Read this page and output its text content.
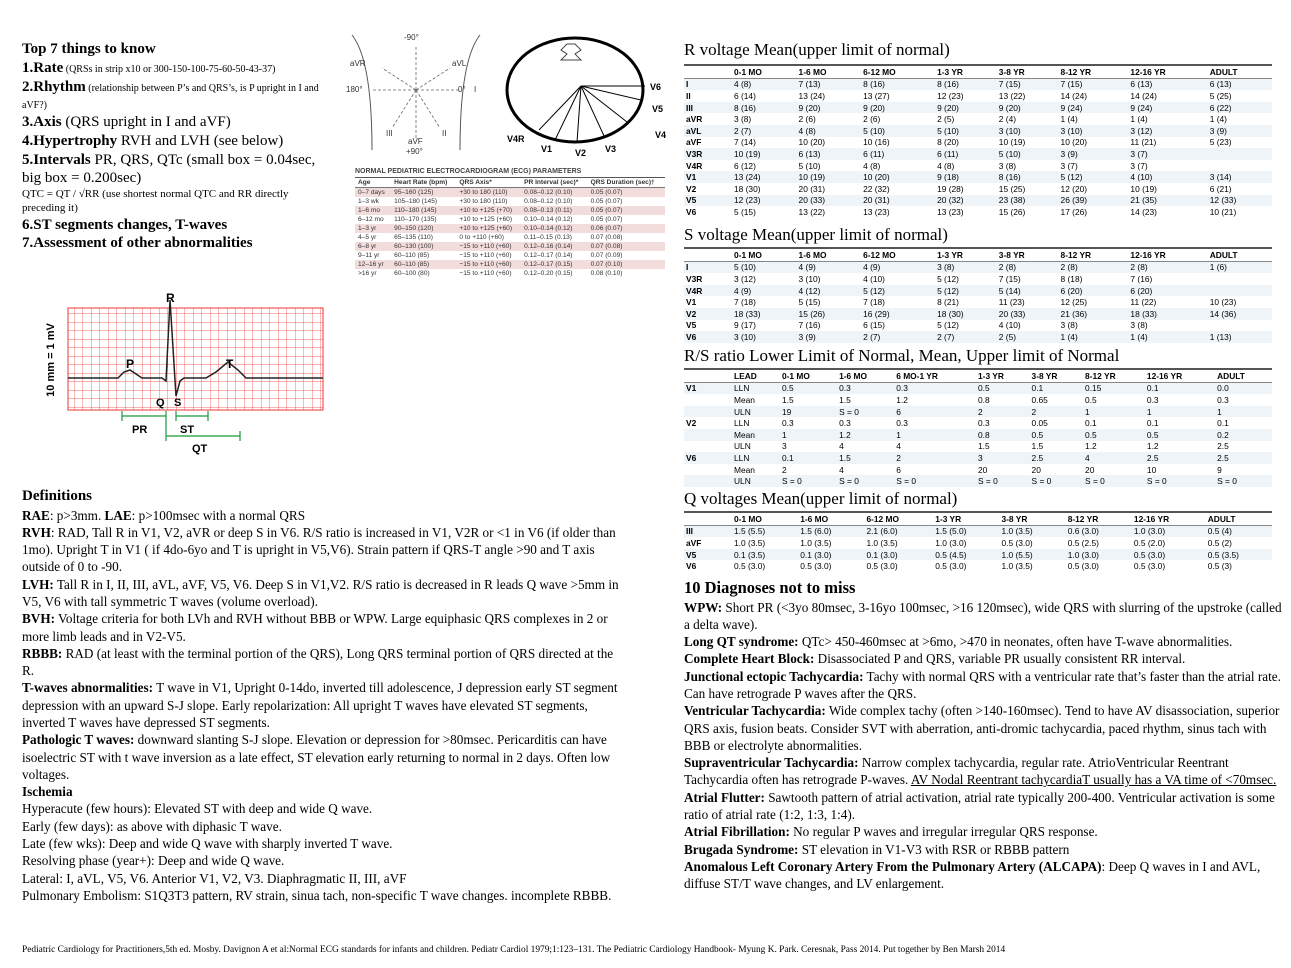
Top 7 things to know
1.Rate (QRSs in strip x10 or 300-150-100-75-60-50-43-37)
2.Rhythm (relationship between P’s and QRS’s, is P upright in I and aVF?)
3.Axis (QRS upright in I and aVF)
4.Hypertrophy RVH and LVH (see below)
5.Intervals PR, QRS, QTc (small box = 0.04sec, big box = 0.200sec)
QTC = QT / √RR (use shortest normal QTC and RR directly preceding it)
6.ST segments changes, T-waves
7.Assessment of other abnormalities
10 mm = 1 mV
R
P	T
Q S
PR	ST
QT
-90°
aVR	aVL
180°	0° I
III
aVF
II
+90°
V6
V5
V4
V3
V2
V1
V4R
NORMAL PEDIATRIC ELECTROCARDIOGRAM (ECG) PARAMETERS
Age	Heart Rate (bpm)	QRS Axis*	PR Interval (sec)*	QRS Duration (sec)†
0–7 days	95–160 (125)	+30 to 180 (110)	0.08–0.12 (0.10)	0.05 (0.07)
1–3 wk	105–180 (145)	+30 to 180 (110)	0.08–0.12 (0.10)	0.05 (0.07)
1–6 mo	110–180 (145)	+10 to +125 (+70)	0.08–0.13 (0.11)	0.05 (0.07)
6–12 mo	110–170 (135)	+10 to +125 (+60)	0.10–0.14 (0.12)	0.05 (0.07)
1–3 yr	90–150 (120)	+10 to +125 (+60)	0.10–0.14 (0.12)	0.06 (0.07)
4–5 yr	65–135 (110)	0 to +110 (+60)	0.11–0.15 (0.13)	0.07 (0.08)
6–8 yr	60–130 (100)	−15 to +110 (+60)	0.12–0.16 (0.14)	0.07 (0.08)
9–11 yr	60–110 (85)	−15 to +110 (+60)	0.12–0.17 (0.14)	0.07 (0.09)
12–16 yr	60–110 (85)	−15 to +110 (+60)	0.12–0.17 (0.15)	0.07 (0.10)
>16 yr	60–100 (80)	−15 to +110 (+60)	0.12–0.20 (0.15)	0.08 (0.10)
R voltage Mean(upper limit of normal)
	0-1 MO	1-6 MO	6-12 MO	1-3 YR	3-8 YR	8-12 YR	12-16 YR	ADULT
I	4 (8)	7 (13)	8 (16)	8 (16)	7 (15)	7 (15)	6 (13)	6 (13)
II	6 (14)	13 (24)	13 (27)	12 (23)	13 (22)	14 (24)	14 (24)	5 (25)
III	8 (16)	9 (20)	9 (20)	9 (20)	9 (20)	9 (24)	9 (24)	6 (22)
aVR	3 (8)	2 (6)	2 (6)	2 (5)	2 (4)	1 (4)	1 (4)	1 (4)
aVL	2 (7)	4 (8)	5 (10)	5 (10)	3 (10)	3 (10)	3 (12)	3 (9)
aVF	7 (14)	10 (20)	10 (16)	8 (20)	10 (19)	10 (20)	11 (21)	5 (23)
V3R	10 (19)	6 (13)	6 (11)	6 (11)	5 (10)	3 (9)	3 (7)	
V4R	6 (12)	5 (10)	4 (8)	4 (8)	3 (8)	3 (7)	3 (7)	
V1	13 (24)	10 (19)	10 (20)	9 (18)	8 (16)	5 (12)	4 (10)	3 (14)
V2	18 (30)	20 (31)	22 (32)	19 (28)	15 (25)	12 (20)	10 (19)	6 (21)
V5	12 (23)	20 (33)	20 (31)	20 (32)	23 (38)	26 (39)	21 (35)	12 (33)
V6	5 (15)	13 (22)	13 (23)	13 (23)	15 (26)	17 (26)	14 (23)	10 (21)
S voltage Mean(upper limit of normal)
	0-1 MO	1-6 MO	6-12 MO	1-3 YR	3-8 YR	8-12 YR	12-16 YR	ADULT
I	5 (10)	4 (9)	4 (9)	3 (8)	2 (8)	2 (8)	2 (8)	1 (6)
V3R	3 (12)	3 (10)	4 (10)	5 (12)	7 (15)	8 (18)	7 (16)	
V4R	4 (9)	4 (12)	5 (12)	5 (12)	5 (14)	6 (20)	6 (20)	
V1	7 (18)	5 (15)	7 (18)	8 (21)	11 (23)	12 (25)	11 (22)	10 (23)
V2	18 (33)	15 (26)	16 (29)	18 (30)	20 (33)	21 (36)	18 (33)	14 (36)
V5	9 (17)	7 (16)	6 (15)	5 (12)	4 (10)	3 (8)	3 (8)	
V6	3 (10)	3 (9)	2 (7)	2 (7)	2 (5)	1 (4)	1 (4)	1 (13)
R/S ratio Lower Limit of Normal, Mean, Upper limit of Normal
	LEAD	0-1 MO	1-6 MO	6 MO-1 YR	1-3 YR	3-8 YR	8-12 YR	12-16 YR	ADULT
V1	LLN	0.5	0.3	0.3	0.5	0.1	0.15	0.1	0.0
	Mean	1.5	1.5	1.2	0.8	0.65	0.5	0.3	0.3
	ULN	19	S = 0	6	2	2	1	1	1
V2	LLN	0.3	0.3	0.3	0.3	0.05	0.1	0.1	0.1
	Mean	1	1.2	1	0.8	0.5	0.5	0.5	0.2
	ULN	3	4	4	1.5	1.5	1.2	1.2	2.5
V6	LLN	0.1	1.5	2	3	2.5	4	2.5	2.5
	Mean	2	4	6	20	20	20	10	9
	ULN	S = 0	S = 0	S = 0	S = 0	S = 0	S = 0	S = 0	S = 0
Q voltages Mean(upper limit of normal)
	0-1 MO	1-6 MO	6-12 MO	1-3 YR	3-8 YR	8-12 YR	12-16 YR	ADULT
III	1.5 (5.5)	1.5 (6.0)	2.1 (6.0)	1.5 (5.0)	1.0 (3.5)	0.6 (3.0)	1.0 (3.0)	0.5 (4)
aVF	1.0 (3.5)	1.0 (3.5)	1.0 (3.5)	1.0 (3.0)	0.5 (3.0)	0.5 (2.5)	0.5 (2.0)	0.5 (2)
V5	0.1 (3.5)	0.1 (3.0)	0.1 (3.0)	0.5 (4.5)	1.0 (5.5)	1.0 (3.0)	0.5 (3.0)	0.5 (3.5)
V6	0.5 (3.0)	0.5 (3.0)	0.5 (3.0)	0.5 (3.0)	1.0 (3.5)	0.5 (3.0)	0.5 (3.0)	0.5 (3)
Definitions
RAE: p>3mm. LAE: p>100msec with a normal QRS
RVH: RAD, Tall R in V1, V2, aVR or deep S in V6. R/S ratio is increased in V1, V2R or <1 in V6 (if older than 1mo). Upright T in V1 ( if 4do-6yo and T is upright in V5,V6). Strain pattern if QRS-T angle >90 and T axis outside of 0 to -90.
LVH: Tall R in I, II, III, aVL, aVF, V5, V6. Deep S in V1,V2. R/S ratio is decreased in R leads Q wave >5mm in V5, V6 with tall symmetric T waves (volume overload).
BVH: Voltage criteria for both LVh and RVH without BBB or WPW. Large equiphasic QRS complexes in 2 or more limb leads and in V2-V5.
RBBB: RAD (at least with the terminal portion of the QRS), Long QRS terminal portion of QRS directed at the R.
T-waves abnormalities: T wave in V1, Upright 0-14do, inverted till adolescence, J depression early ST segment depression with an upward S-J slope. Early repolarization: All upright T waves have elevated ST segments, inverted T waves have depressed ST segments.
Pathologic T waves: downward slanting S-J slope. Elevation or depression for >80msec. Pericarditis can have isoelectric ST with t wave inversion as a late effect, ST elevation early returning to normal in 2 days. Often low voltages.
Ischemia
Hyperacute (few hours): Elevated ST with deep and wide Q wave.
Early (few days): as above with diphasic T wave.
Late (few wks): Deep and wide Q wave with sharply inverted T wave.
Resolving phase (year+): Deep and wide Q wave.
Lateral: I, aVL, V5, V6. Anterior V1, V2, V3. Diaphragmatic II, III, aVF
Pulmonary Embolism: S1Q3T3 pattern, RV strain, sinua tach, non-specific T wave changes. incomplete RBBB.
10 Diagnoses not to miss
WPW: Short PR (<3yo 80msec, 3-16yo 100msec, >16 120msec), wide QRS with slurring of the upstroke (called a delta wave).
Long QT syndrome: QTc> 450-460msec at >6mo, >470 in neonates, often have T-wave abnormalities.
Complete Heart Block: Disassociated P and QRS, variable PR usually consistent RR interval.
Junctional ectopic Tachycardia: Tachy with normal QRS with a ventricular rate that’s faster than the atrial rate. Can have retrograde P waves after the QRS.
Ventricular Tachycardia: Wide complex tachy (often >140-160msec). Tend to have AV disassociation, superior QRS axis, fusion beats. Consider SVT with aberration, anti-dromic tachycardia, paced rhythm, sinus tach with BBB or electrolyte abnormalities.
Supraventricular Tachycardia: Narrow complex tachycardia, regular rate. AtrioVentricular Reentrant Tachycardia often has retrograde P-waves. AV Nodal Reentrant tachycardiaT usually has a VA time of <70msec.
Atrial Flutter: Sawtooth pattern of atrial activation, atrial rate typically 200-400. Ventricular activation is some ratio of atrial rate (1:2, 1:3, 1:4).
Atrial Fibrillation: No regular P waves and irregular irregular QRS response.
Brugada Syndrome: ST elevation in V1-V3 with RSR or RBBB pattern
Anomalous Left Coronary Artery From the Pulmonary Artery (ALCAPA): Deep Q waves in I and AVL, diffuse ST/T wave changes, and LV enlargement.
Pediatric Cardiology for Practitioners,5th ed. Mosby. Davignon A et al:Normal ECG standards for infants and children. Pediatr Cardiol 1979;1:123–131. The Pediatric Cardiology Handbook- Myung K. Park. Ceresnak, Pass 2014. Put together by Ben Marsh 2014
